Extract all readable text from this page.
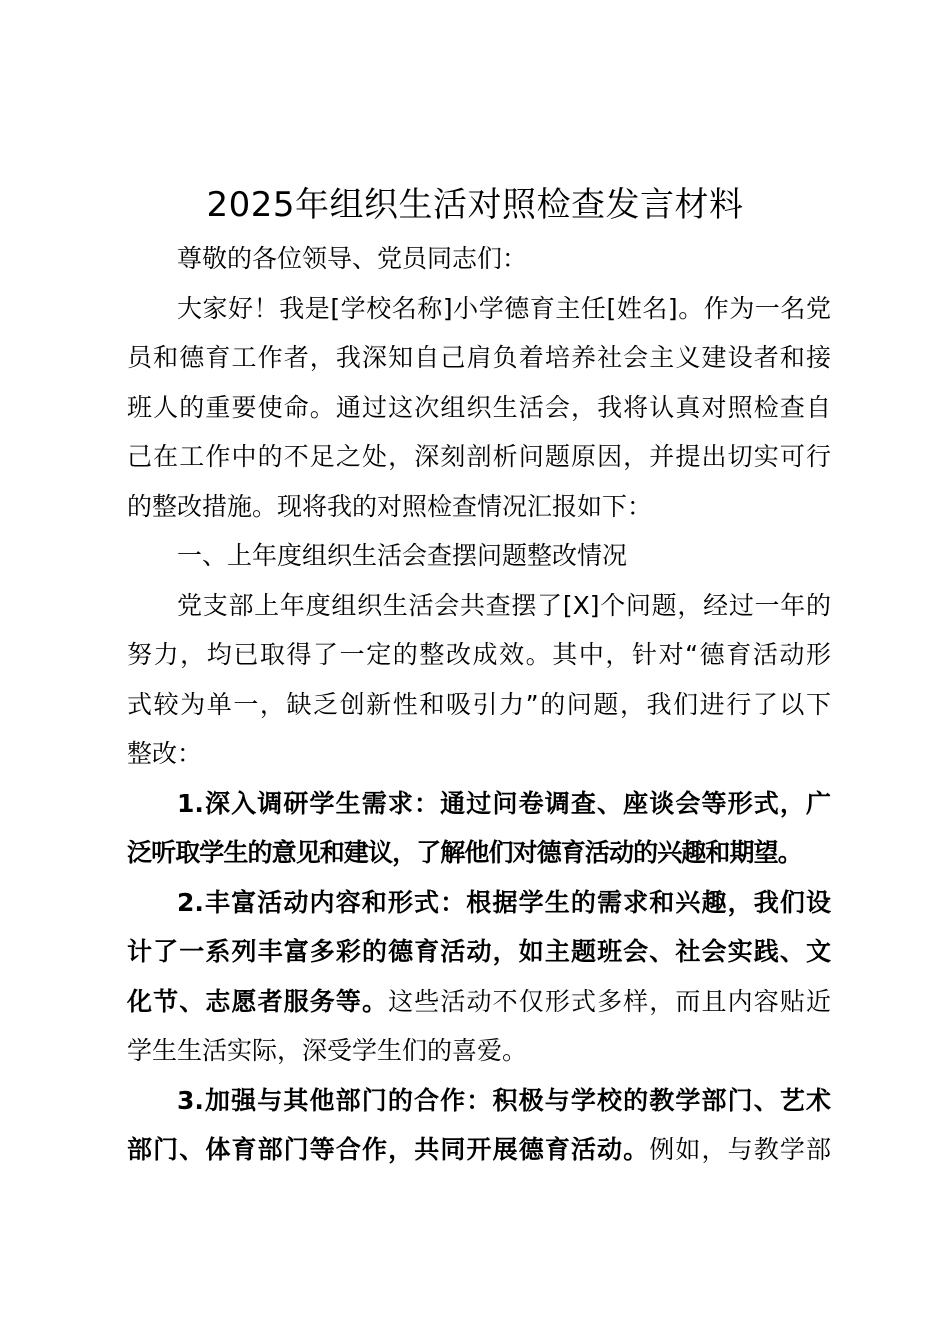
2025年组织生活对照检查发言材料
尊敬的各位领导、党员同志们：
大家好！我是[学校名称]小学德育主任[姓名]。作为一名党
员和德育工作者，我深知自己肩负着培养社会主义建设者和接
班人的重要使命。通过这次组织生活会，我将认真对照检查自
己在工作中的不足之处，深刻剖析问题原因，并提出切实可行
的整改措施。现将我的对照检查情况汇报如下：
一、上年度组织生活会查摆问题整改情况
党支部上年度组织生活会共查摆了[X]个问题，经过一年的
努力，均已取得了一定的整改成效。其中，针对“德育活动形
式较为单一，缺乏创新性和吸引力”的问题，我们进行了以下
整改：
1.深入调研学生需求：通过问卷调查、座谈会等形式，广
泛听取学生的意见和建议，了解他们对德育活动的兴趣和期望。
2.丰富活动内容和形式：根据学生的需求和兴趣，我们设
计了一系列丰富多彩的德育活动，如主题班会、社会实践、文
化节、志愿者服务等。这些活动不仅形式多样，而且内容贴近
学生生活实际，深受学生们的喜爱。
3.加强与其他部门的合作：积极与学校的教学部门、艺术
部门、体育部门等合作，共同开展德育活动。例如，与教学部
